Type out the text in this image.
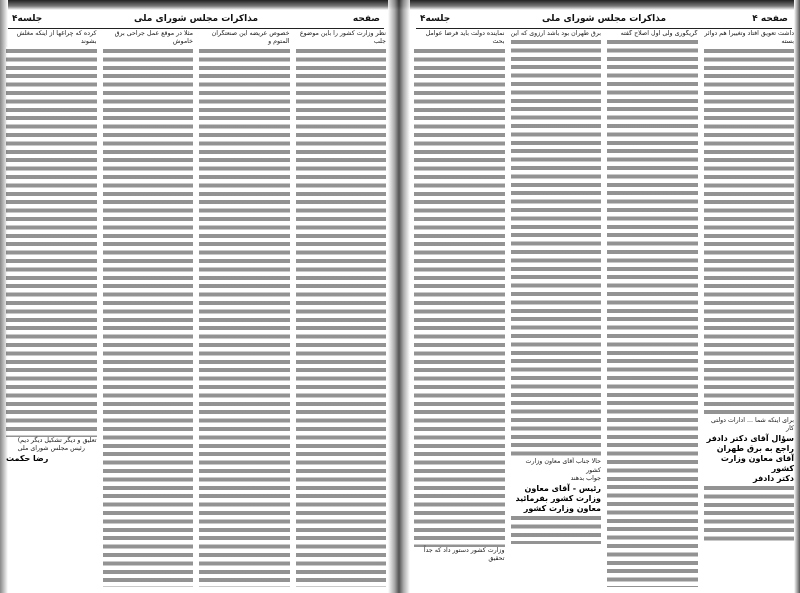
صفحه
مذاکرات مجلس شورای ملی
جلسه۴
نظر وزارت کشور را باین موضوع جلب
خصوص عریضه این صنعتگران المتوم و
مثلا در موقع عمل جراحی برق خاموش
کرده که چراغها از اینکه مغلش بشوند
تعلیق و دیگر تشکیل دیگر دیم)
رئیس مجلس شورای ملی
رضا حکمت
صفحه ۴
مذاکرات مجلس شورای ملی
جلسه۴
داشت تعویق افتاد وتغییرآ هم دوائر بسته
برای اینکه شما ... ادارات دولتی کار
سؤال آقای دکتر دادفر راجع به برق طهران
آقای معاون وزارت کشور
دکتر دادفر
گریگوری ولی اول اصلاح گفته
برق طهران بود باشد آرزوی که این
حالا جناب آقای معاون وزارت کشور
جواب بدهند
رئیس - آقای معاون وزارت کشور بفرمائید
معاون وزارت کشور
نماینده دولت باید فرضاً عوامل بحث
وزارت کشور دستور داد که جداً تحقیق
